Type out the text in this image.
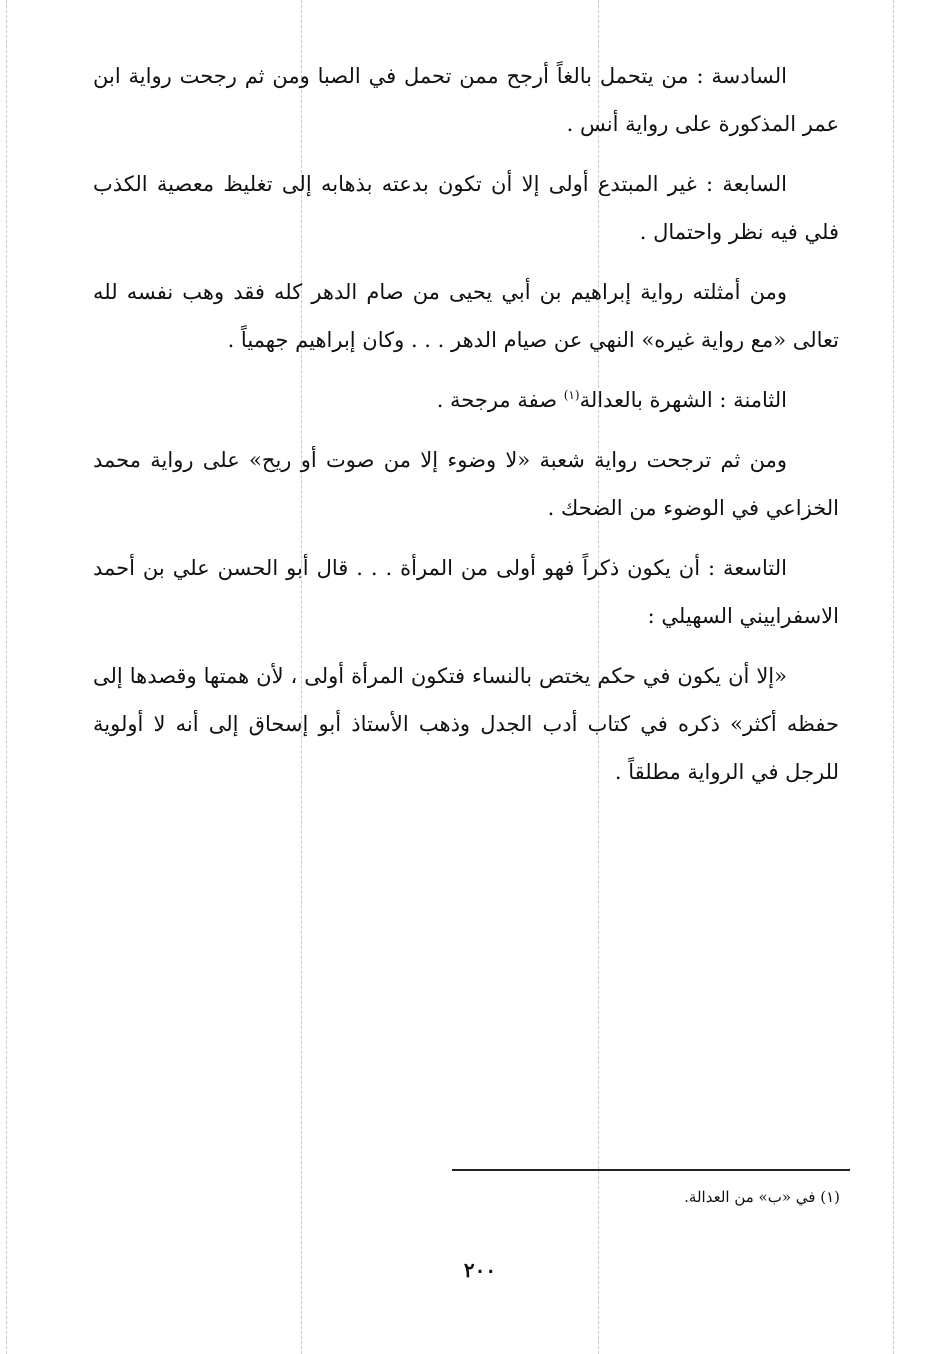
السادسة : من يتحمل بالغاً أرجح ممن تحمل في الصبا ومن ثم رجحت رواية ابن عمر المذكورة على رواية أنس .

السابعة : غير المبتدع أولى إلا أن تكون بدعته بذهابه إلى تغليظ معصية الكذب فلي فيه نظر واحتمال .

ومن أمثلته رواية إبراهيم بن أبي يحيى من صام الدهر كله فقد وهب نفسه لله تعالى «مع رواية غيره» النهي عن صيام الدهر . . . وكان إبراهيم جهمياً .

الثامنة : الشهرة بالعدالة$^{(١)}$ صفة مرجحة .

ومن ثم ترجحت رواية شعبة «لا وضوء إلا من صوت أو ريح» على رواية محمد الخزاعي في الوضوء من الضحك .

التاسعة : أن يكون ذكراً فهو أولى من المرأة . . . قال أبو الحسن علي بن أحمد الاسفراييني السهيلي :

«إلا أن يكون في حكم يختص بالنساء فتكون المرأة أولى ، لأن همتها وقصدها إلى حفظه أكثر» ذكره في كتاب أدب الجدل وذهب الأستاذ أبو إسحاق إلى أنه لا أولوية للرجل في الرواية مطلقاً .

(١) في «ب» من العدالة.
٢٠٠
